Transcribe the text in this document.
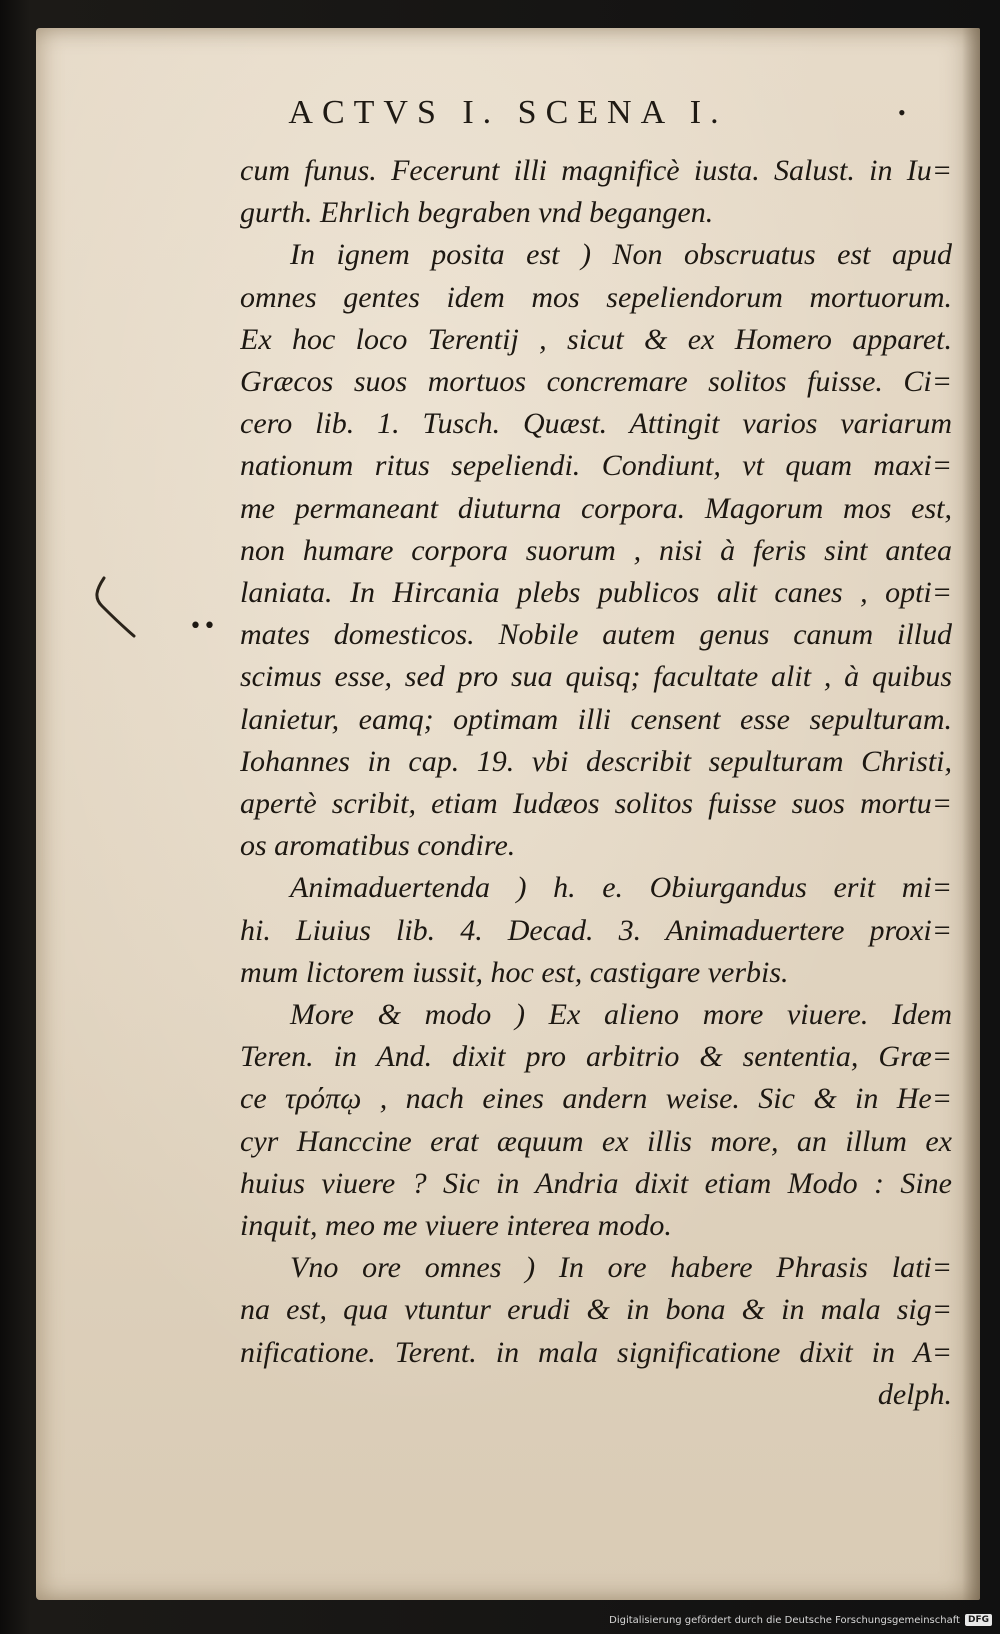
ACTVS I. SCENA I.	•
cum funus. Fecerunt illi magnificè iusta. Salust. in Iu=
gurth. Ehrlich begraben vnd begangen.
In ignem posita est ) Non obscruatus est apud
omnes gentes idem mos sepeliendorum mortuorum.
Ex hoc loco Terentij , sicut & ex Homero apparet.
Græcos suos mortuos concremare solitos fuisse. Ci=
cero lib. 1. Tusch. Quæst. Attingit varios variarum
nationum ritus sepeliendi. Condiunt, vt quam maxi=
me permaneant diuturna corpora. Magorum mos est,
non humare corpora suorum , nisi à feris sint antea
laniata. In Hircania plebs publicos alit canes , opti=
mates domesticos. Nobile autem genus canum illud
scimus esse, sed pro sua quisq; facultate alit , à quibus
lanietur, eamq; optimam illi censent esse sepulturam.
Iohannes in cap. 19. vbi describit sepulturam Christi,
apertè scribit, etiam Iudæos solitos fuisse suos mortu=
os aromatibus condire.
Animaduertenda ) h. e. Obiurgandus erit mi=
hi. Liuius lib. 4. Decad. 3. Animaduertere proxi=
mum lictorem iussit, hoc est, castigare verbis.
More & modo ) Ex alieno more viuere. Idem
Teren. in And. dixit pro arbitrio & sententia, Græ=
ce τρόπῳ , nach eines andern weise. Sic & in He=
cyr Hanccine erat æquum ex illis more, an illum ex
huius viuere ? Sic in Andria dixit etiam Modo : Sine
inquit, meo me viuere interea modo.
Vno ore omnes ) In ore habere Phrasis lati=
na est, qua vtuntur erudi & in bona & in mala sig=
nificatione. Terent. in mala significatione dixit in A=
delph.
••
Digitalisierung gefördert durch die Deutsche Forschungsgemeinschaft DFG
